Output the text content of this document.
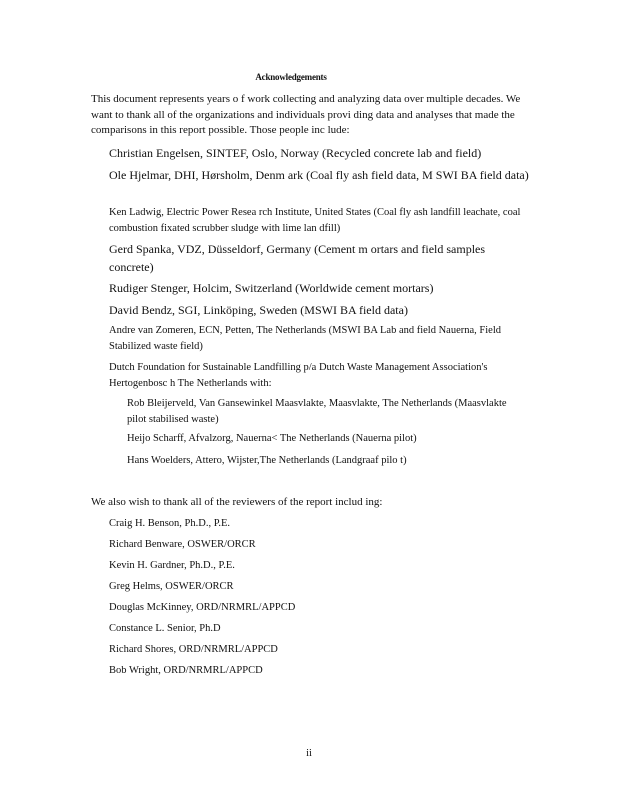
Acknowledgements
This document represents years o f work collecting and analyzing data over multiple decades. We want to thank all of the organizations and individuals provi ding data and analyses that made the comparisons in this report possible. Those people inc lude:
Christian Engelsen, SINTEF, Oslo, Norway (Recycled concrete lab and field)
Ole Hjelmar, DHI, Hørsholm, Denm ark (Coal fly ash field data, M SWI BA field data)
Ken Ladwig, Electric Power Resea rch Institute, United States (Coal fly ash landfill leachate, coal combustion fixated scrubber sludge with lime lan dfill)
Gerd Spanka, VDZ, Düsseldorf, Germany (Cement m ortars and field samples concrete)
Rudiger Stenger, Holcim, Switzerland (Worldwide cement mortars)
David Bendz, SGI, Linköping, Sweden (MSWI BA field data)
Andre van Zomeren, ECN, Petten, The Netherlands (MSWI BA Lab and field Nauerna, Field Stabilized waste field)
Dutch Foundation for Sustainable Landfilling p/a Dutch Waste Management Association's Hertogenbosc h The Netherlands with:
Rob Bleijerveld, Van Gansewinkel Maasvlakte, Maasvlakte, The Netherlands (Maasvlakte pilot stabilised waste)
Heijo Scharff, Afvalzorg, Nauerna< The Netherlands (Nauerna pilot)
Hans Woelders, Attero, Wijster,The Netherlands (Landgraaf pilo t)
We also wish to thank all of the reviewers of the report includ ing:
Craig H. Benson, Ph.D., P.E.
Richard Benware, OSWER/ORCR
Kevin H. Gardner, Ph.D., P.E.
Greg Helms, OSWER/ORCR
Douglas McKinney, ORD/NRMRL/APPCD
Constance L. Senior, Ph.D
Richard Shores, ORD/NRMRL/APPCD
Bob Wright, ORD/NRMRL/APPCD
ii
